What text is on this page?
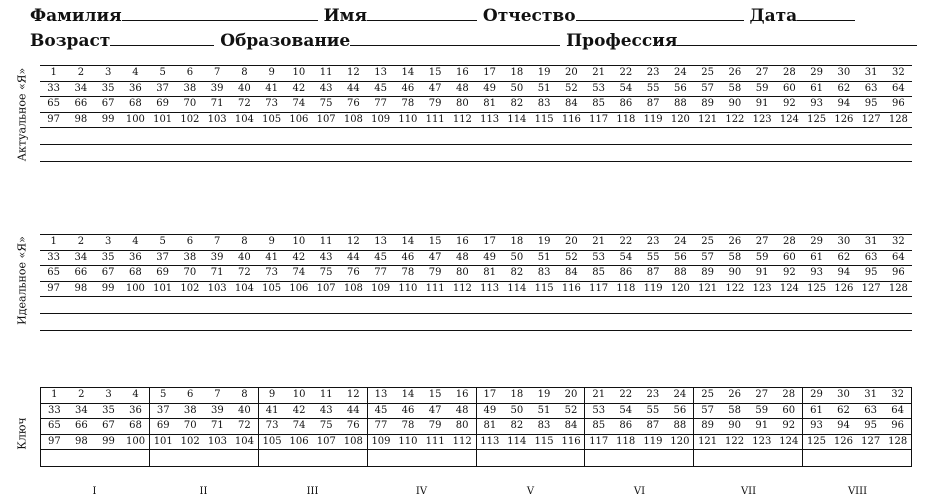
Фамилия	Имя	Отчество	Дата
Возраст	Образование	Профессия
Актуальное «Я»
Идеальное «Я»
Ключ
1	2	3	4	5	6	7	8	9	10	11	12	13	14	15	16	17	18	19	20	21	22	23	24	25	26	27	28	29	30	31	32
33	34	35	36	37	38	39	40	41	42	43	44	45	46	47	48	49	50	51	52	53	54	55	56	57	58	59	60	61	62	63	64
65	66	67	68	69	70	71	72	73	74	75	76	77	78	79	80	81	82	83	84	85	86	87	88	89	90	91	92	93	94	95	96
97	98	99	100	101	102	103	104	105	106	107	108	109	110	111	112	113	114	115	116	117	118	119	120	121	122	123	124	125	126	127	128

1	2	3	4	5	6	7	8	9	10	11	12	13	14	15	16	17	18	19	20	21	22	23	24	25	26	27	28	29	30	31	32
33	34	35	36	37	38	39	40	41	42	43	44	45	46	47	48	49	50	51	52	53	54	55	56	57	58	59	60	61	62	63	64
65	66	67	68	69	70	71	72	73	74	75	76	77	78	79	80	81	82	83	84	85	86	87	88	89	90	91	92	93	94	95	96
97	98	99	100	101	102	103	104	105	106	107	108	109	110	111	112	113	114	115	116	117	118	119	120	121	122	123	124	125	126	127	128

1	2	3	4	5	6	7	8	9	10	11	12	13	14	15	16	17	18	19	20	21	22	23	24	25	26	27	28	29	30	31	32
33	34	35	36	37	38	39	40	41	42	43	44	45	46	47	48	49	50	51	52	53	54	55	56	57	58	59	60	61	62	63	64
65	66	67	68	69	70	71	72	73	74	75	76	77	78	79	80	81	82	83	84	85	86	87	88	89	90	91	92	93	94	95	96
97	98	99	100	101	102	103	104	105	106	107	108	109	110	111	112	113	114	115	116	117	118	119	120	121	122	123	124	125	126	127	128

I	II	III	IV	V	VI	VII	VIII
